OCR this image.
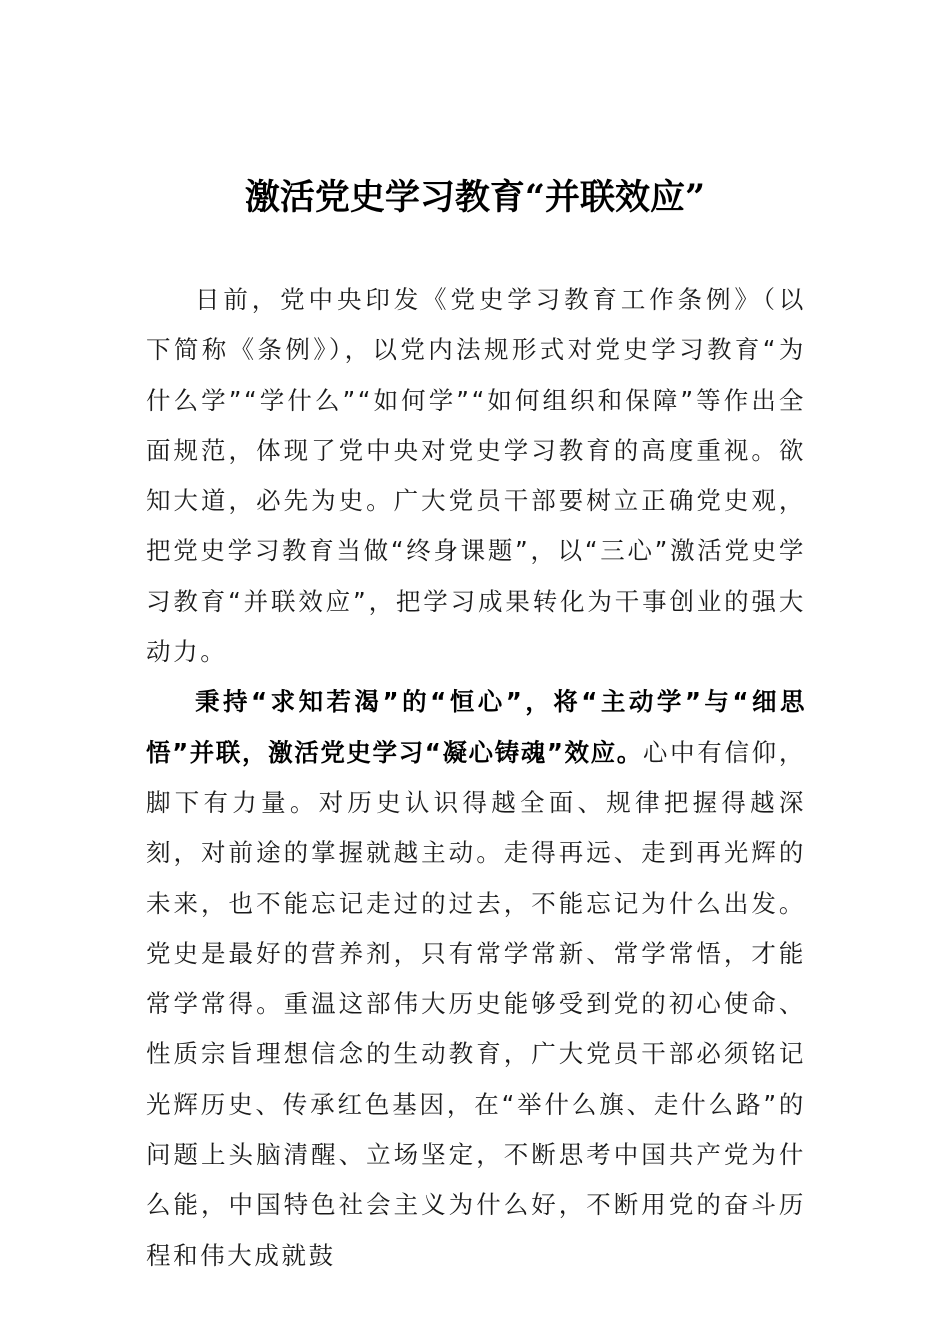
激活党史学习教育“并联效应”

日前，党中央印发《党史学习教育工作条例》（以下简称《条例》），以党内法规形式对党史学习教育“为什么学”“学什么”“如何学”“如何组织和保障”等作出全面规范，体现了党中央对党史学习教育的高度重视。欲知大道，必先为史。广大党员干部要树立正确党史观，把党史学习教育当做“终身课题”，以“三心”激活党史学习教育“并联效应”，把学习成果转化为干事创业的强大动力。

秉持“求知若渴”的“恒心”，将“主动学”与“细思悟”并联，激活党史学习“凝心铸魂”效应。心中有信仰，脚下有力量。对历史认识得越全面、规律把握得越深刻，对前途的掌握就越主动。走得再远、走到再光辉的未来，也不能忘记走过的过去，不能忘记为什么出发。党史是最好的营养剂，只有常学常新、常学常悟，才能常学常得。重温这部伟大历史能够受到党的初心使命、性质宗旨理想信念的生动教育，广大党员干部必须铭记光辉历史、传承红色基因，在“举什么旗、走什么路”的问题上头脑清醒、立场坚定，不断思考中国共产党为什么能，中国特色社会主义为什么好，不断用党的奋斗历程和伟大成就鼓
